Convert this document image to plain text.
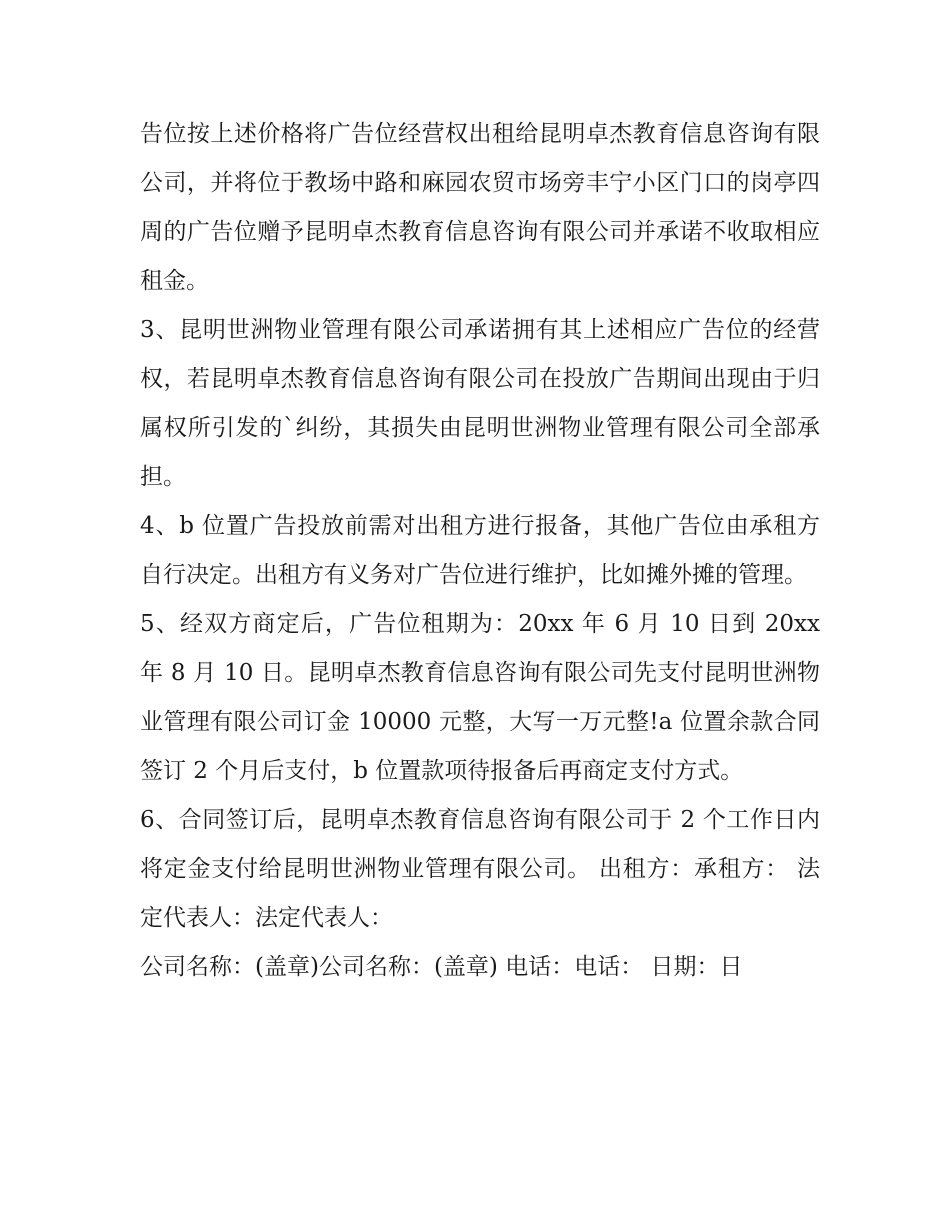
告位按上述价格将广告位经营权出租给昆明卓杰教育信息咨询有限公司，并将位于教场中路和麻园农贸市场旁丰宁小区门口的岗亭四周的广告位赠予昆明卓杰教育信息咨询有限公司并承诺不收取相应租金。

3、昆明世洲物业管理有限公司承诺拥有其上述相应广告位的经营权，若昆明卓杰教育信息咨询有限公司在投放广告期间出现由于归属权所引发的`纠纷，其损失由昆明世洲物业管理有限公司全部承担。

4、b 位置广告投放前需对出租方进行报备，其他广告位由承租方自行决定。出租方有义务对广告位进行维护，比如摊外摊的管理。

5、经双方商定后，广告位租期为：20xx 年 6 月 10 日到 20xx 年 8 月 10 日。昆明卓杰教育信息咨询有限公司先支付昆明世洲物业管理有限公司订金 10000 元整，大写一万元整!a 位置余款合同签订 2 个月后支付，b 位置款项待报备后再商定支付方式。

6、合同签订后，昆明卓杰教育信息咨询有限公司于 2 个工作日内将定金支付给昆明世洲物业管理有限公司。 出租方：承租方： 法定代表人：法定代表人：

公司名称：(盖章)公司名称：(盖章) 电话：电话： 日期：日
